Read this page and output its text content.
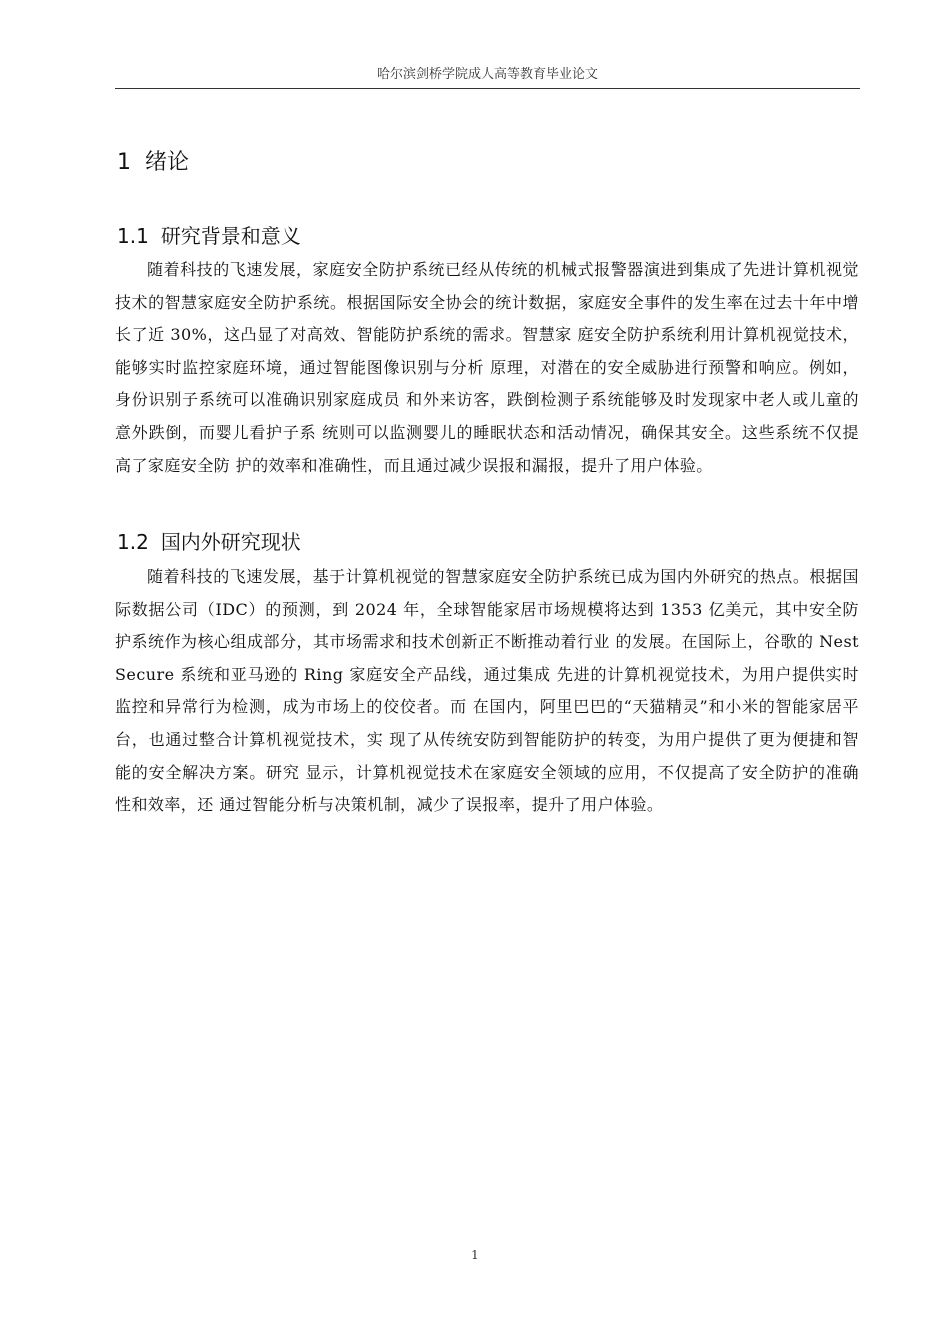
哈尔滨剑桥学院成人高等教育毕业论文
1 绪论
1.1 研究背景和意义

随着科技的飞速发展，家庭安全防护系统已经从传统的机械式报警器演进到集成了先进计算机视觉技术的智慧家庭安全防护系统。根据国际安全协会的统计数据，家庭安全事件的发生率在过去十年中增长了近 30%，这凸显了对高效、智能防护系统的需求。智慧家 庭安全防护系统利用计算机视觉技术，能够实时监控家庭环境，通过智能图像识别与分析 原理，对潜在的安全威胁进行预警和响应。例如，身份识别子系统可以准确识别家庭成员 和外来访客，跌倒检测子系统能够及时发现家中老人或儿童的意外跌倒，而婴儿看护子系 统则可以监测婴儿的睡眠状态和活动情况，确保其安全。这些系统不仅提高了家庭安全防 护的效率和准确性，而且通过减少误报和漏报，提升了用户体验。

1.2 国内外研究现状

随着科技的飞速发展，基于计算机视觉的智慧家庭安全防护系统已成为国内外研究的热点。根据国际数据公司（IDC）的预测，到 2024 年，全球智能家居市场规模将达到 1353 亿美元，其中安全防护系统作为核心组成部分，其市场需求和技术创新正不断推动着行业 的发展。在国际上，谷歌的 Nest Secure 系统和亚马逊的 Ring 家庭安全产品线，通过集成 先进的计算机视觉技术，为用户提供实时监控和异常行为检测，成为市场上的佼佼者。而 在国内，阿里巴巴的“天猫精灵”和小米的智能家居平台，也通过整合计算机视觉技术，实 现了从传统安防到智能防护的转变，为用户提供了更为便捷和智能的安全解决方案。研究 显示，计算机视觉技术在家庭安全领域的应用，不仅提高了安全防护的准确性和效率，还 通过智能分析与决策机制，减少了误报率，提升了用户体验。

1
